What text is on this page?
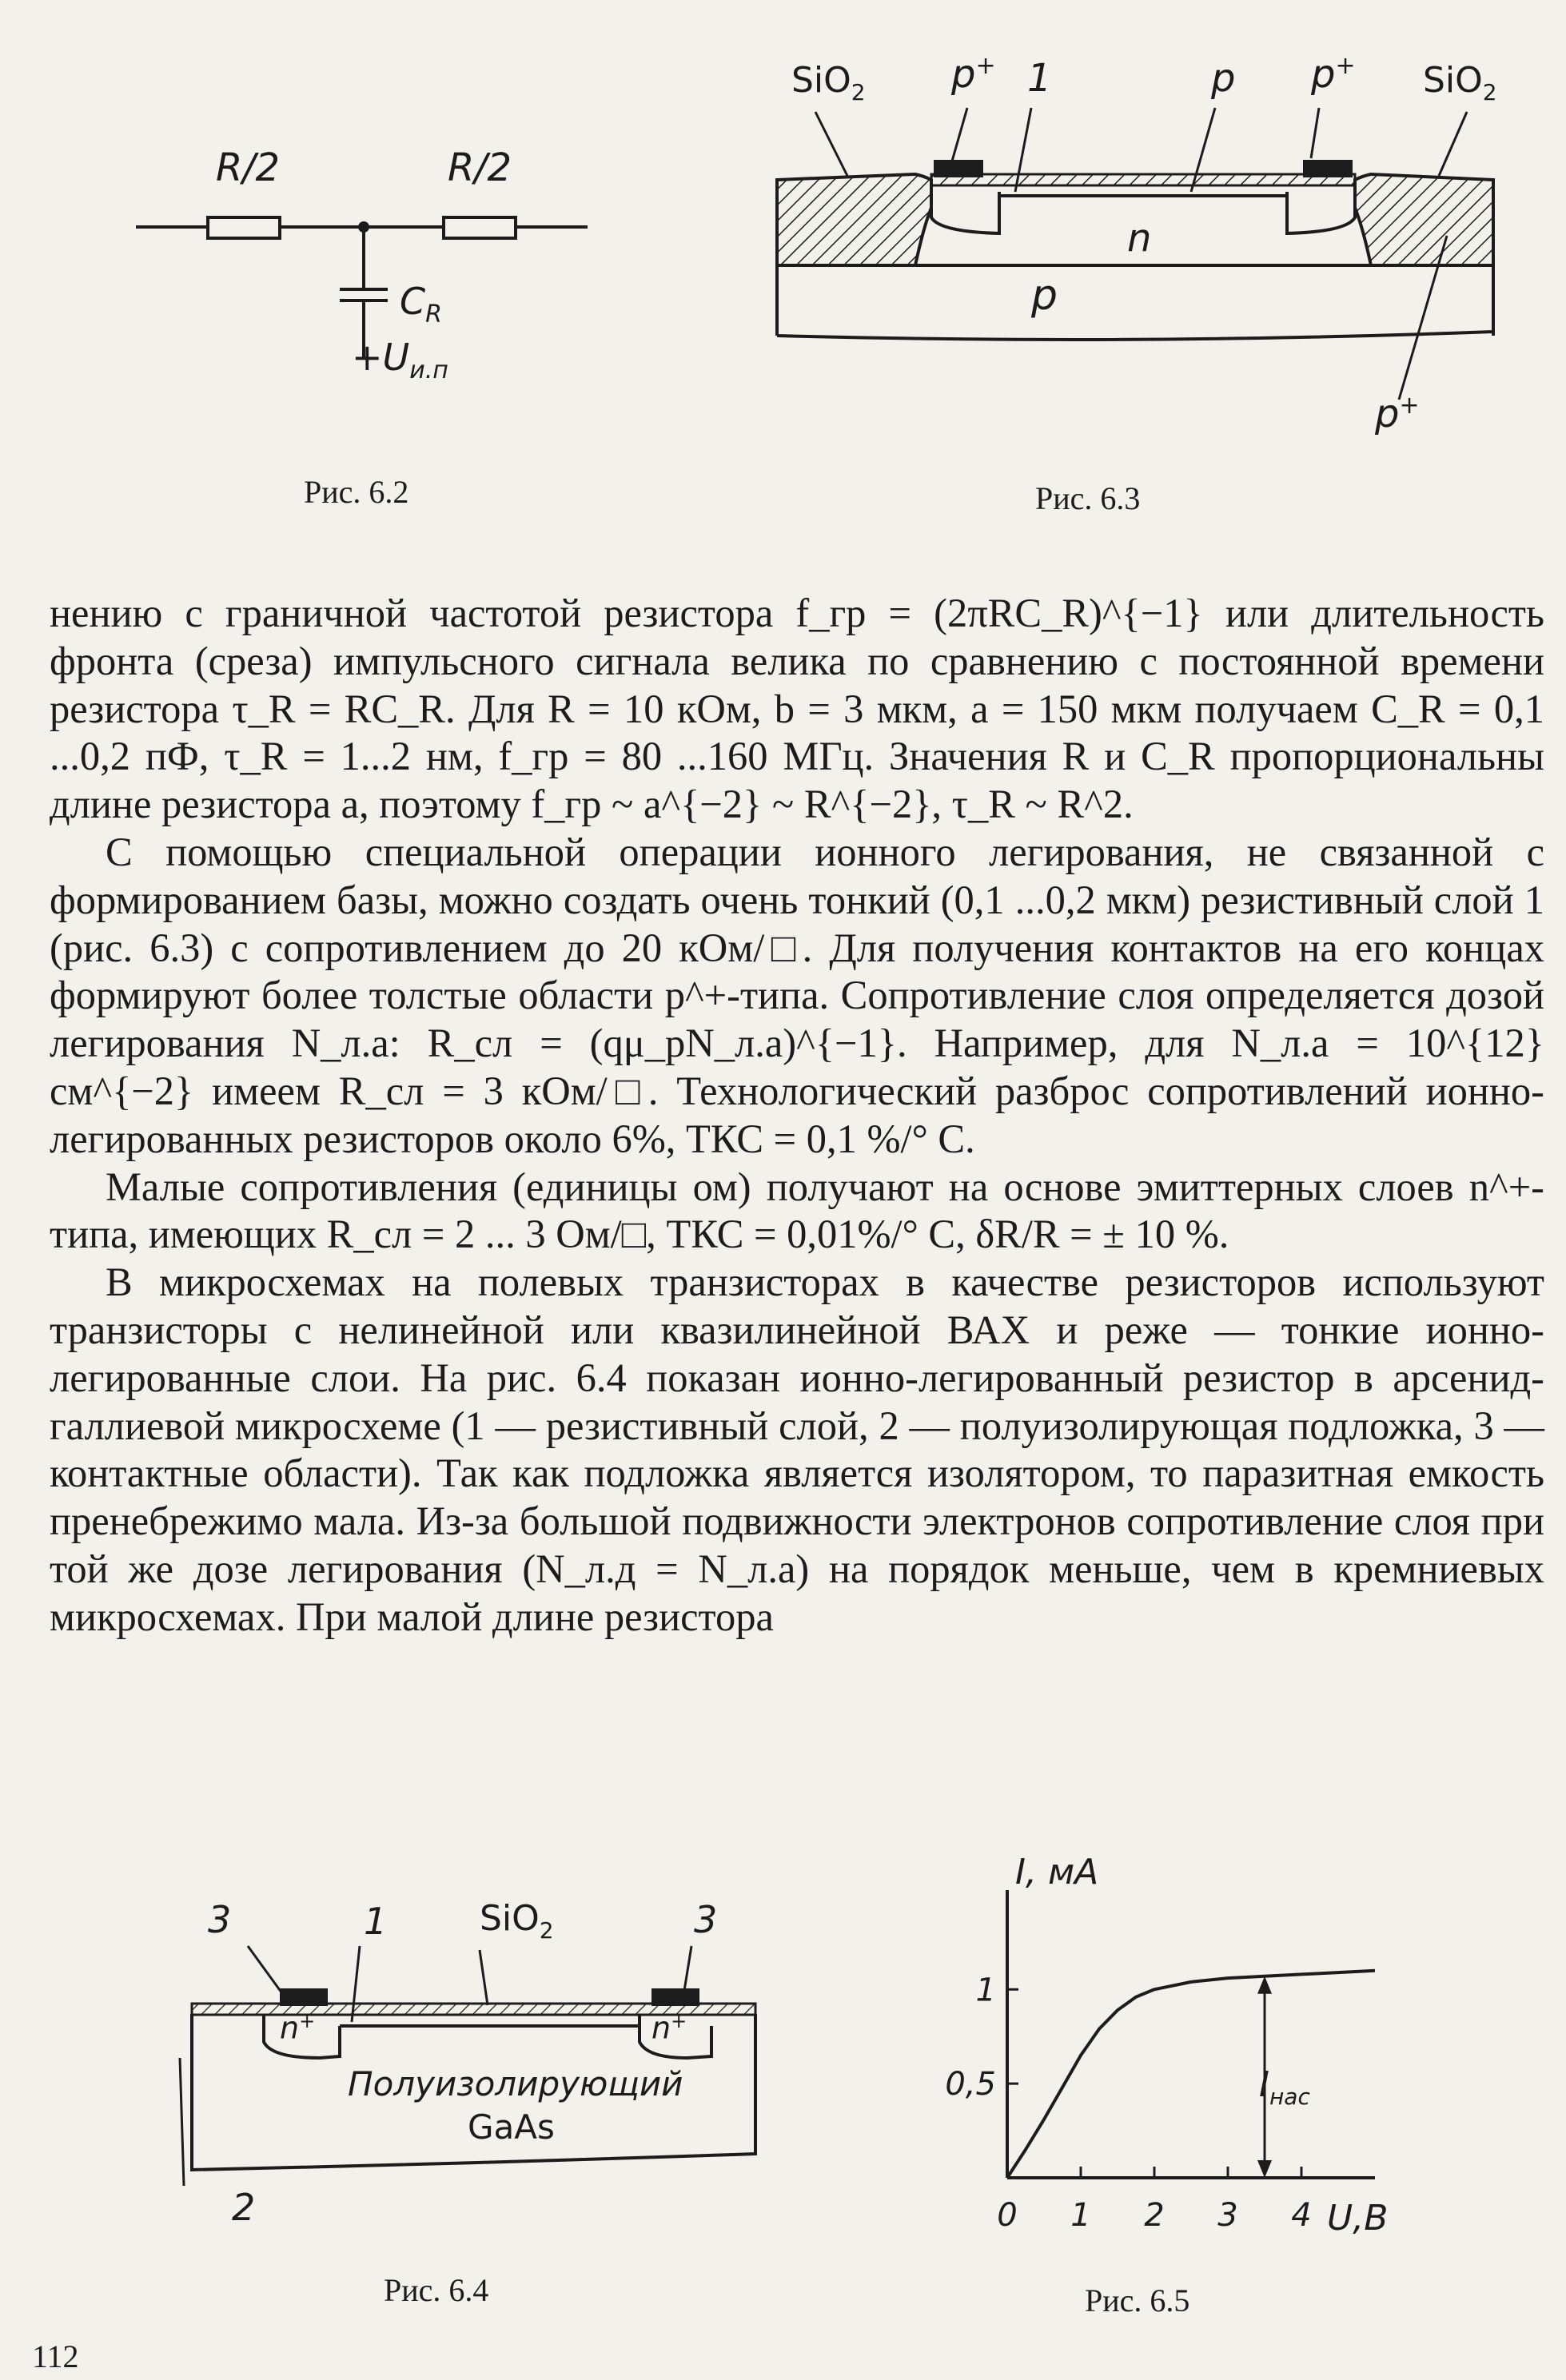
R/2	R/2
$C_R$
$+U_{и.п}$
Рис. 6.2
SiO$_2$ p+ 1	p p+ SiO$_2$
n
p
p+
Рис. 6.3

нению с граничной частотой резистора f_гр = (2πRC_R)^{−1} или длительность фронта (среза) импульсного сигнала велика по сравнению с постоянной времени резистора τ_R = RC_R. Для R = 10 кОм, b = 3 мкм, a = 150 мкм получаем C_R = 0,1 ...0,2 пФ, τ_R = 1...2 нм, f_гр = 80 ...160 МГц. Значения R и C_R пропорциональны длине резистора a, поэтому f_гр ~ a^{−2} ~ R^{−2}, τ_R ~ R^2.

С помощью специальной операции ионного легирования, не связанной с формированием базы, можно создать очень тонкий (0,1 ...0,2 мкм) резистивный слой 1 (рис. 6.3) с сопротивлением до 20 кОм/□. Для получения контактов на его концах формируют более толстые области p^+-типа. Сопротивление слоя определяется дозой легирования N_л.а: R_сл = (qμ_pN_л.а)^{−1}. Например, для N_л.а = 10^{12} см^{−2} имеем R_сл = 3 кОм/□. Технологический разброс сопротивлений ионно-легированных резисторов около 6%, ТКС = 0,1 %/° С.

Малые сопротивления (единицы ом) получают на основе эмиттерных слоев n^+-типа, имеющих R_сл = 2 ... 3 Ом/□, ТКС = 0,01%/° С, δR/R = ± 10 %.

В микросхемах на полевых транзисторах в качестве резисторов используют транзисторы с нелинейной или квазилинейной ВАХ и реже — тонкие ионно-легированные слои. На рис. 6.4 показан ионно-легированный резистор в арсенид-галлиевой микросхеме (1 — резистивный слой, 2 — полуизолирующая подложка, 3 — контактные области). Так как подложка является изолятором, то паразитная емкость пренебрежимо мала. Из-за большой подвижности электронов сопротивление слоя при той же дозе легирования (N_л.д = N_л.а) на порядок меньше, чем в кремниевых микросхемах. При малой длине резистора

3	1	SiO$_2$	3
n+	n+
Полуизолирующий
GaAs
2
Рис. 6.4
0 1 2 3 4
0,5
1
I, мА
U,B
$I_{нас}$
Рис. 6.5
112
